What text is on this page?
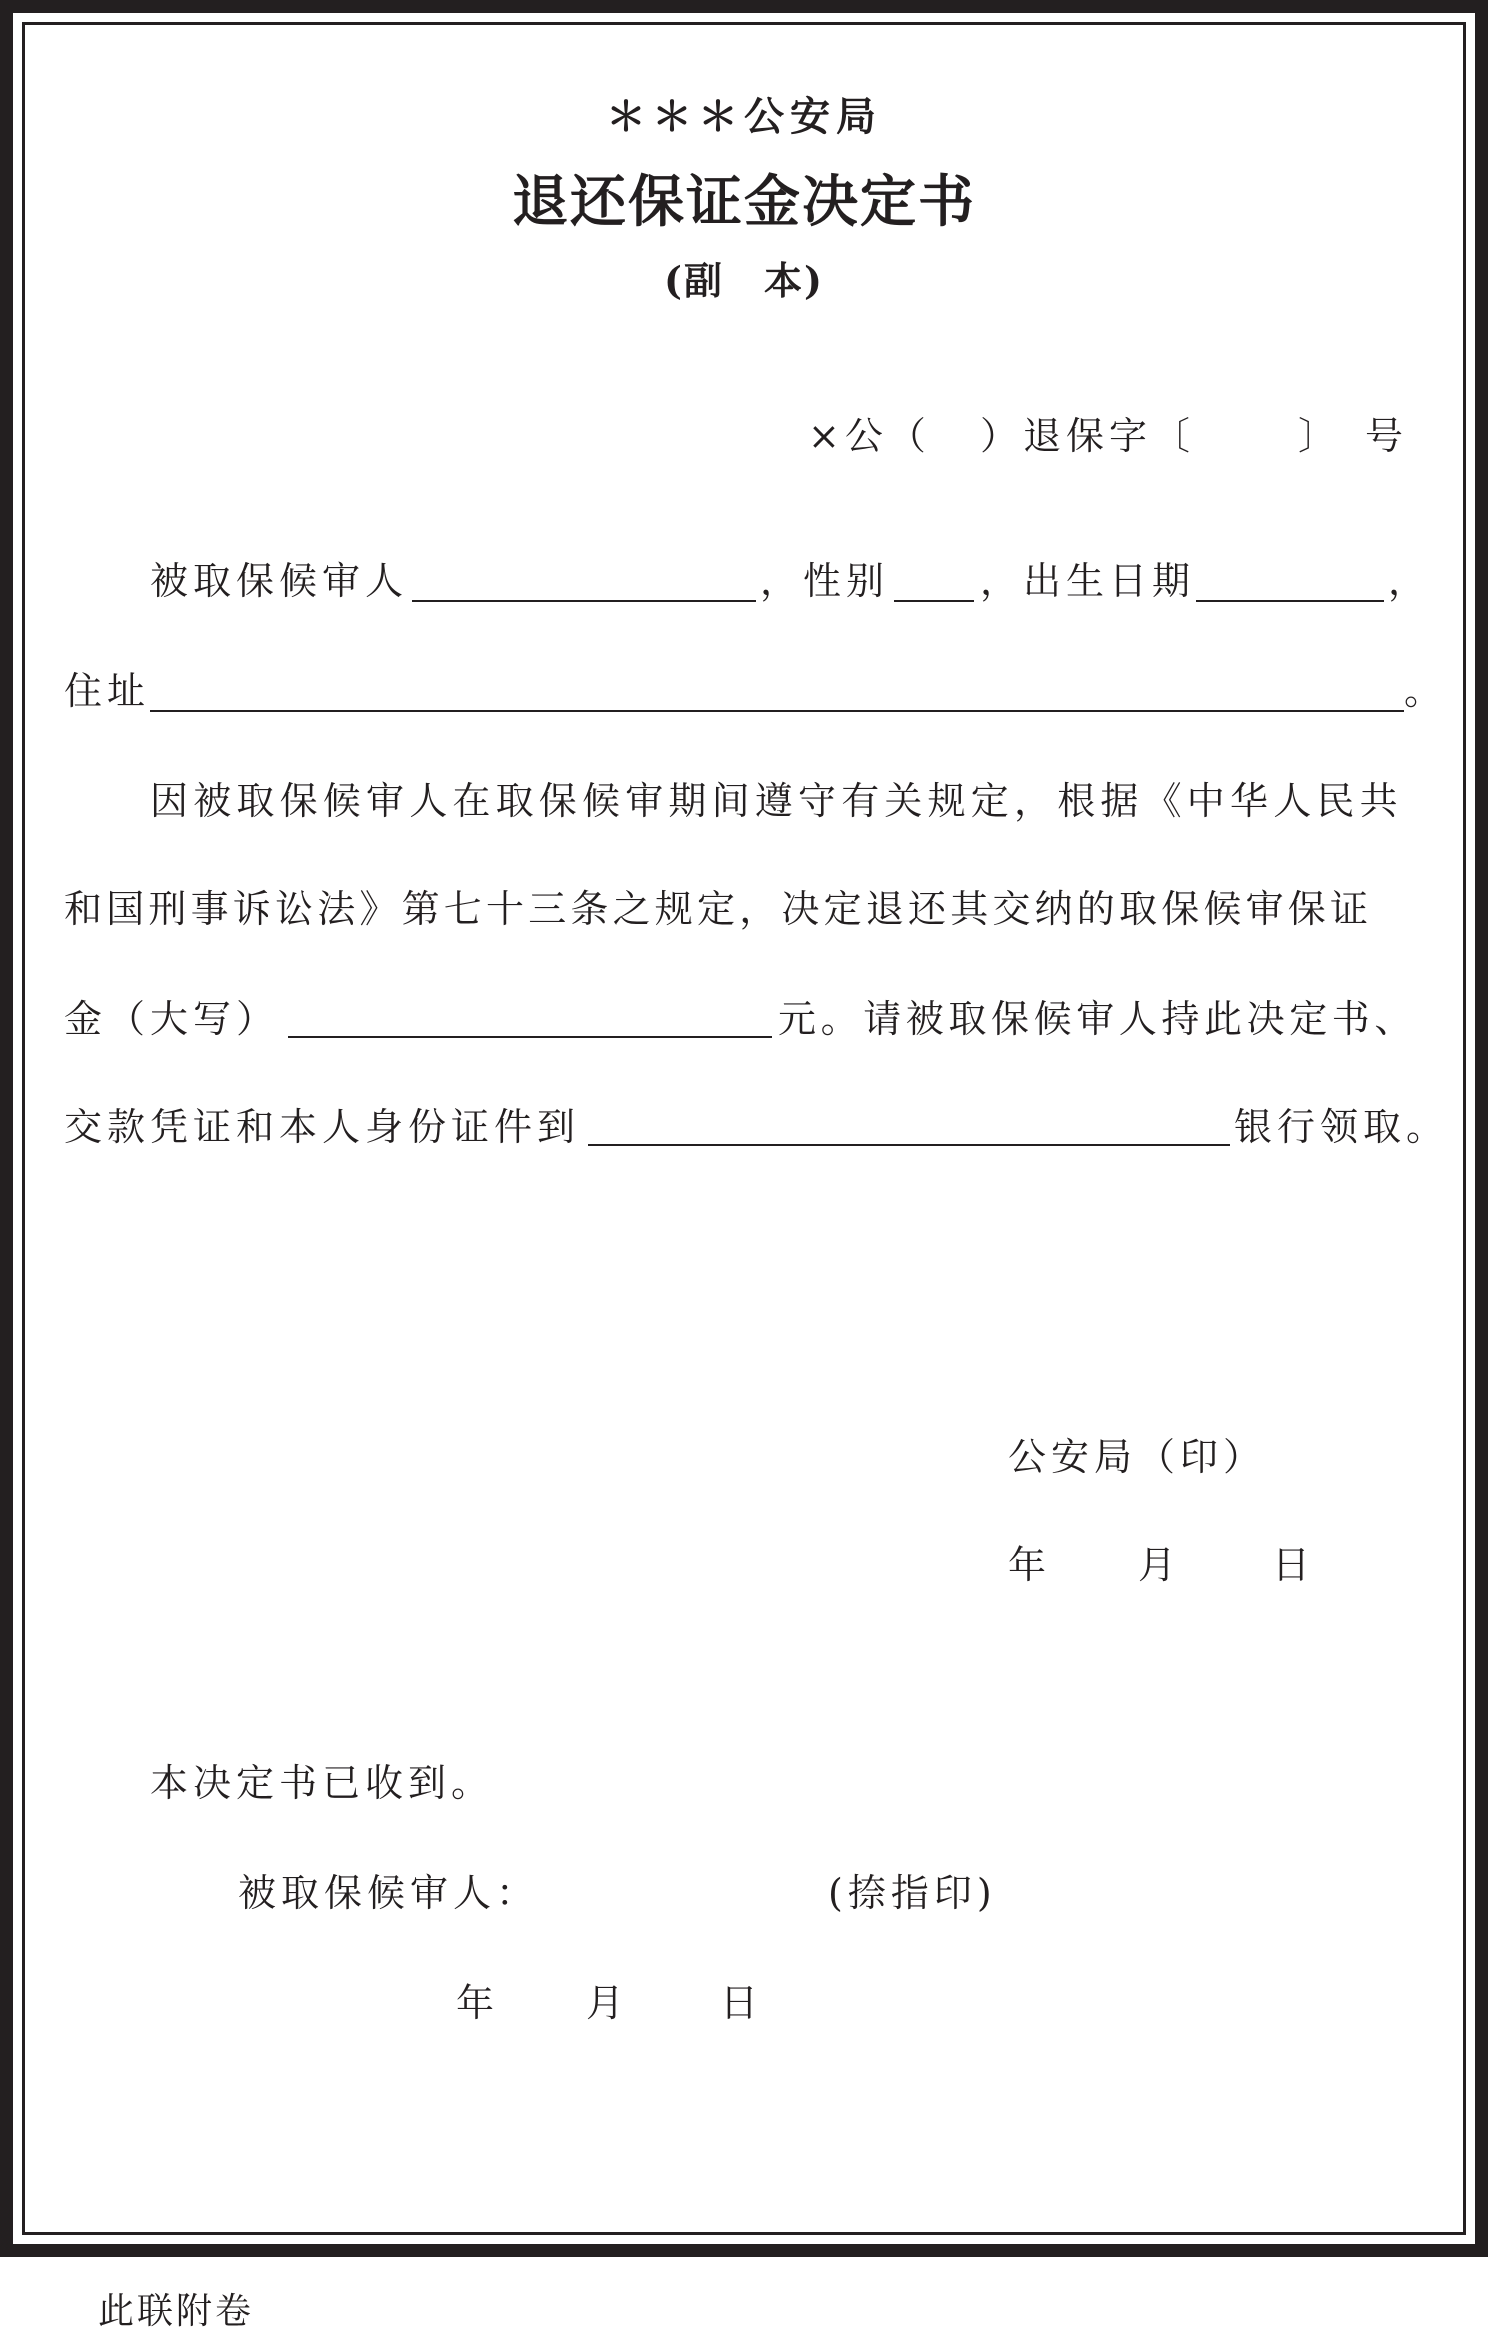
＊＊＊公安局
退还保证金决定书
(副　本)
×公（ ）退保字〔	〕　号
被取保候审人	，性别 ，出生日期	，
住址	。
因被取保候审人在取保候审期间遵守有关规定，根据《中华人民共
和国刑事诉讼法》第七十三条之规定，决定退还其交纳的取保候审保证
金（大写）	元。请被取保候审人持此决定书、
交款凭证和本人身份证件到	银行领取。
公安局（印）
年 月 日
本决定书已收到。
被取保候审人：	(捺指印)
年 月 日
此联附卷
